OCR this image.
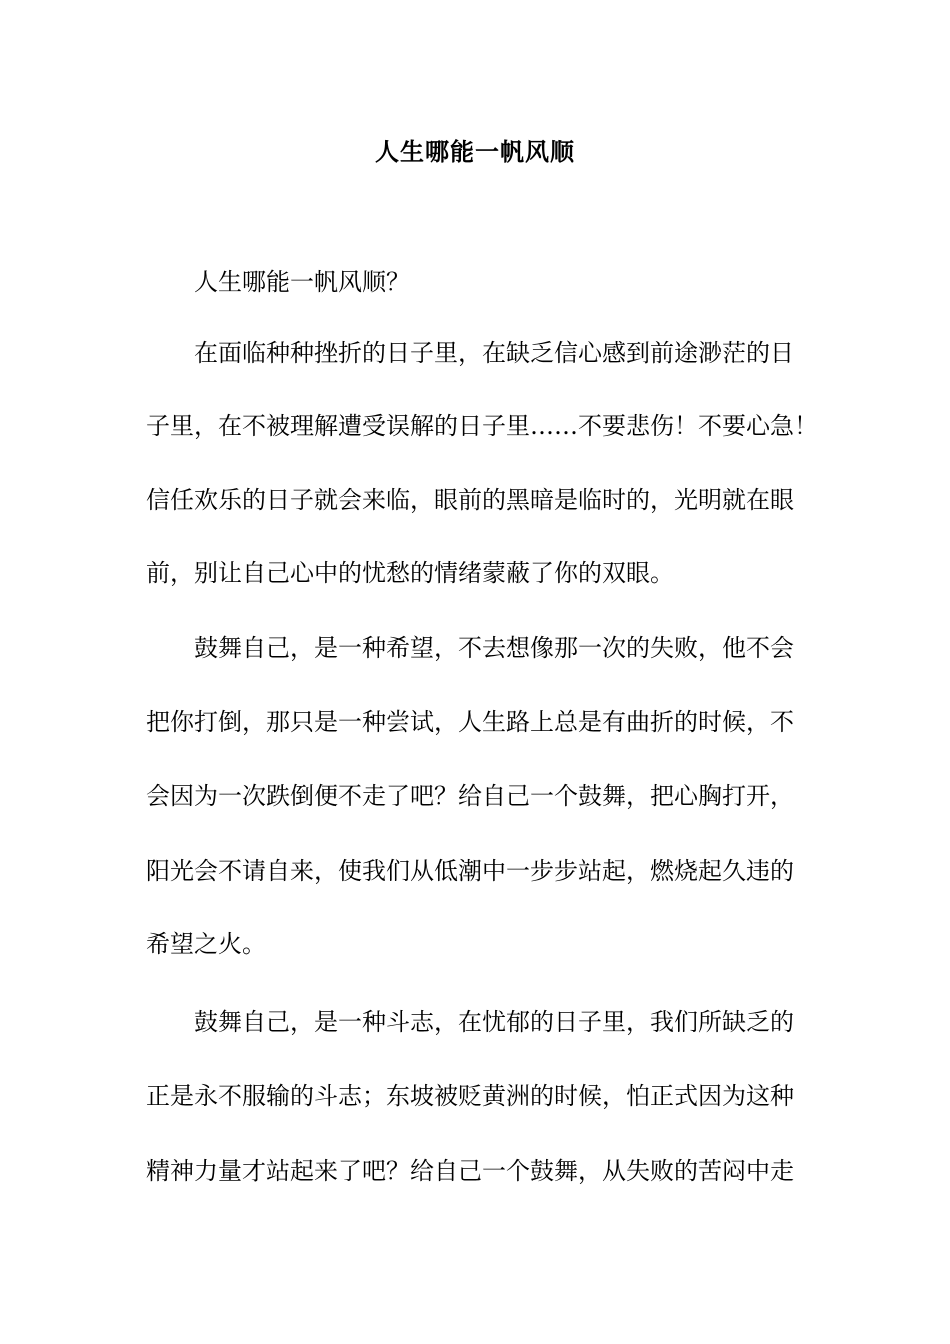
人生哪能一帆风顺

人生哪能一帆风顺？

在面临种种挫折的日子里，在缺乏信心感到前途渺茫的日

子里，在不被理解遭受误解的日子里……不要悲伤！不要心急！

信任欢乐的日子就会来临，眼前的黑暗是临时的，光明就在眼

前，别让自己心中的忧愁的情绪蒙蔽了你的双眼。

鼓舞自己，是一种希望，不去想像那一次的失败，他不会

把你打倒，那只是一种尝试，人生路上总是有曲折的时候，不

会因为一次跌倒便不走了吧？给自己一个鼓舞，把心胸打开，

阳光会不请自来，使我们从低潮中一步步站起，燃烧起久违的

希望之火。

鼓舞自己，是一种斗志，在忧郁的日子里，我们所缺乏的

正是永不服输的斗志；东坡被贬黄洲的时候，怕正式因为这种

精神力量才站起来了吧？给自己一个鼓舞，从失败的苦闷中走
